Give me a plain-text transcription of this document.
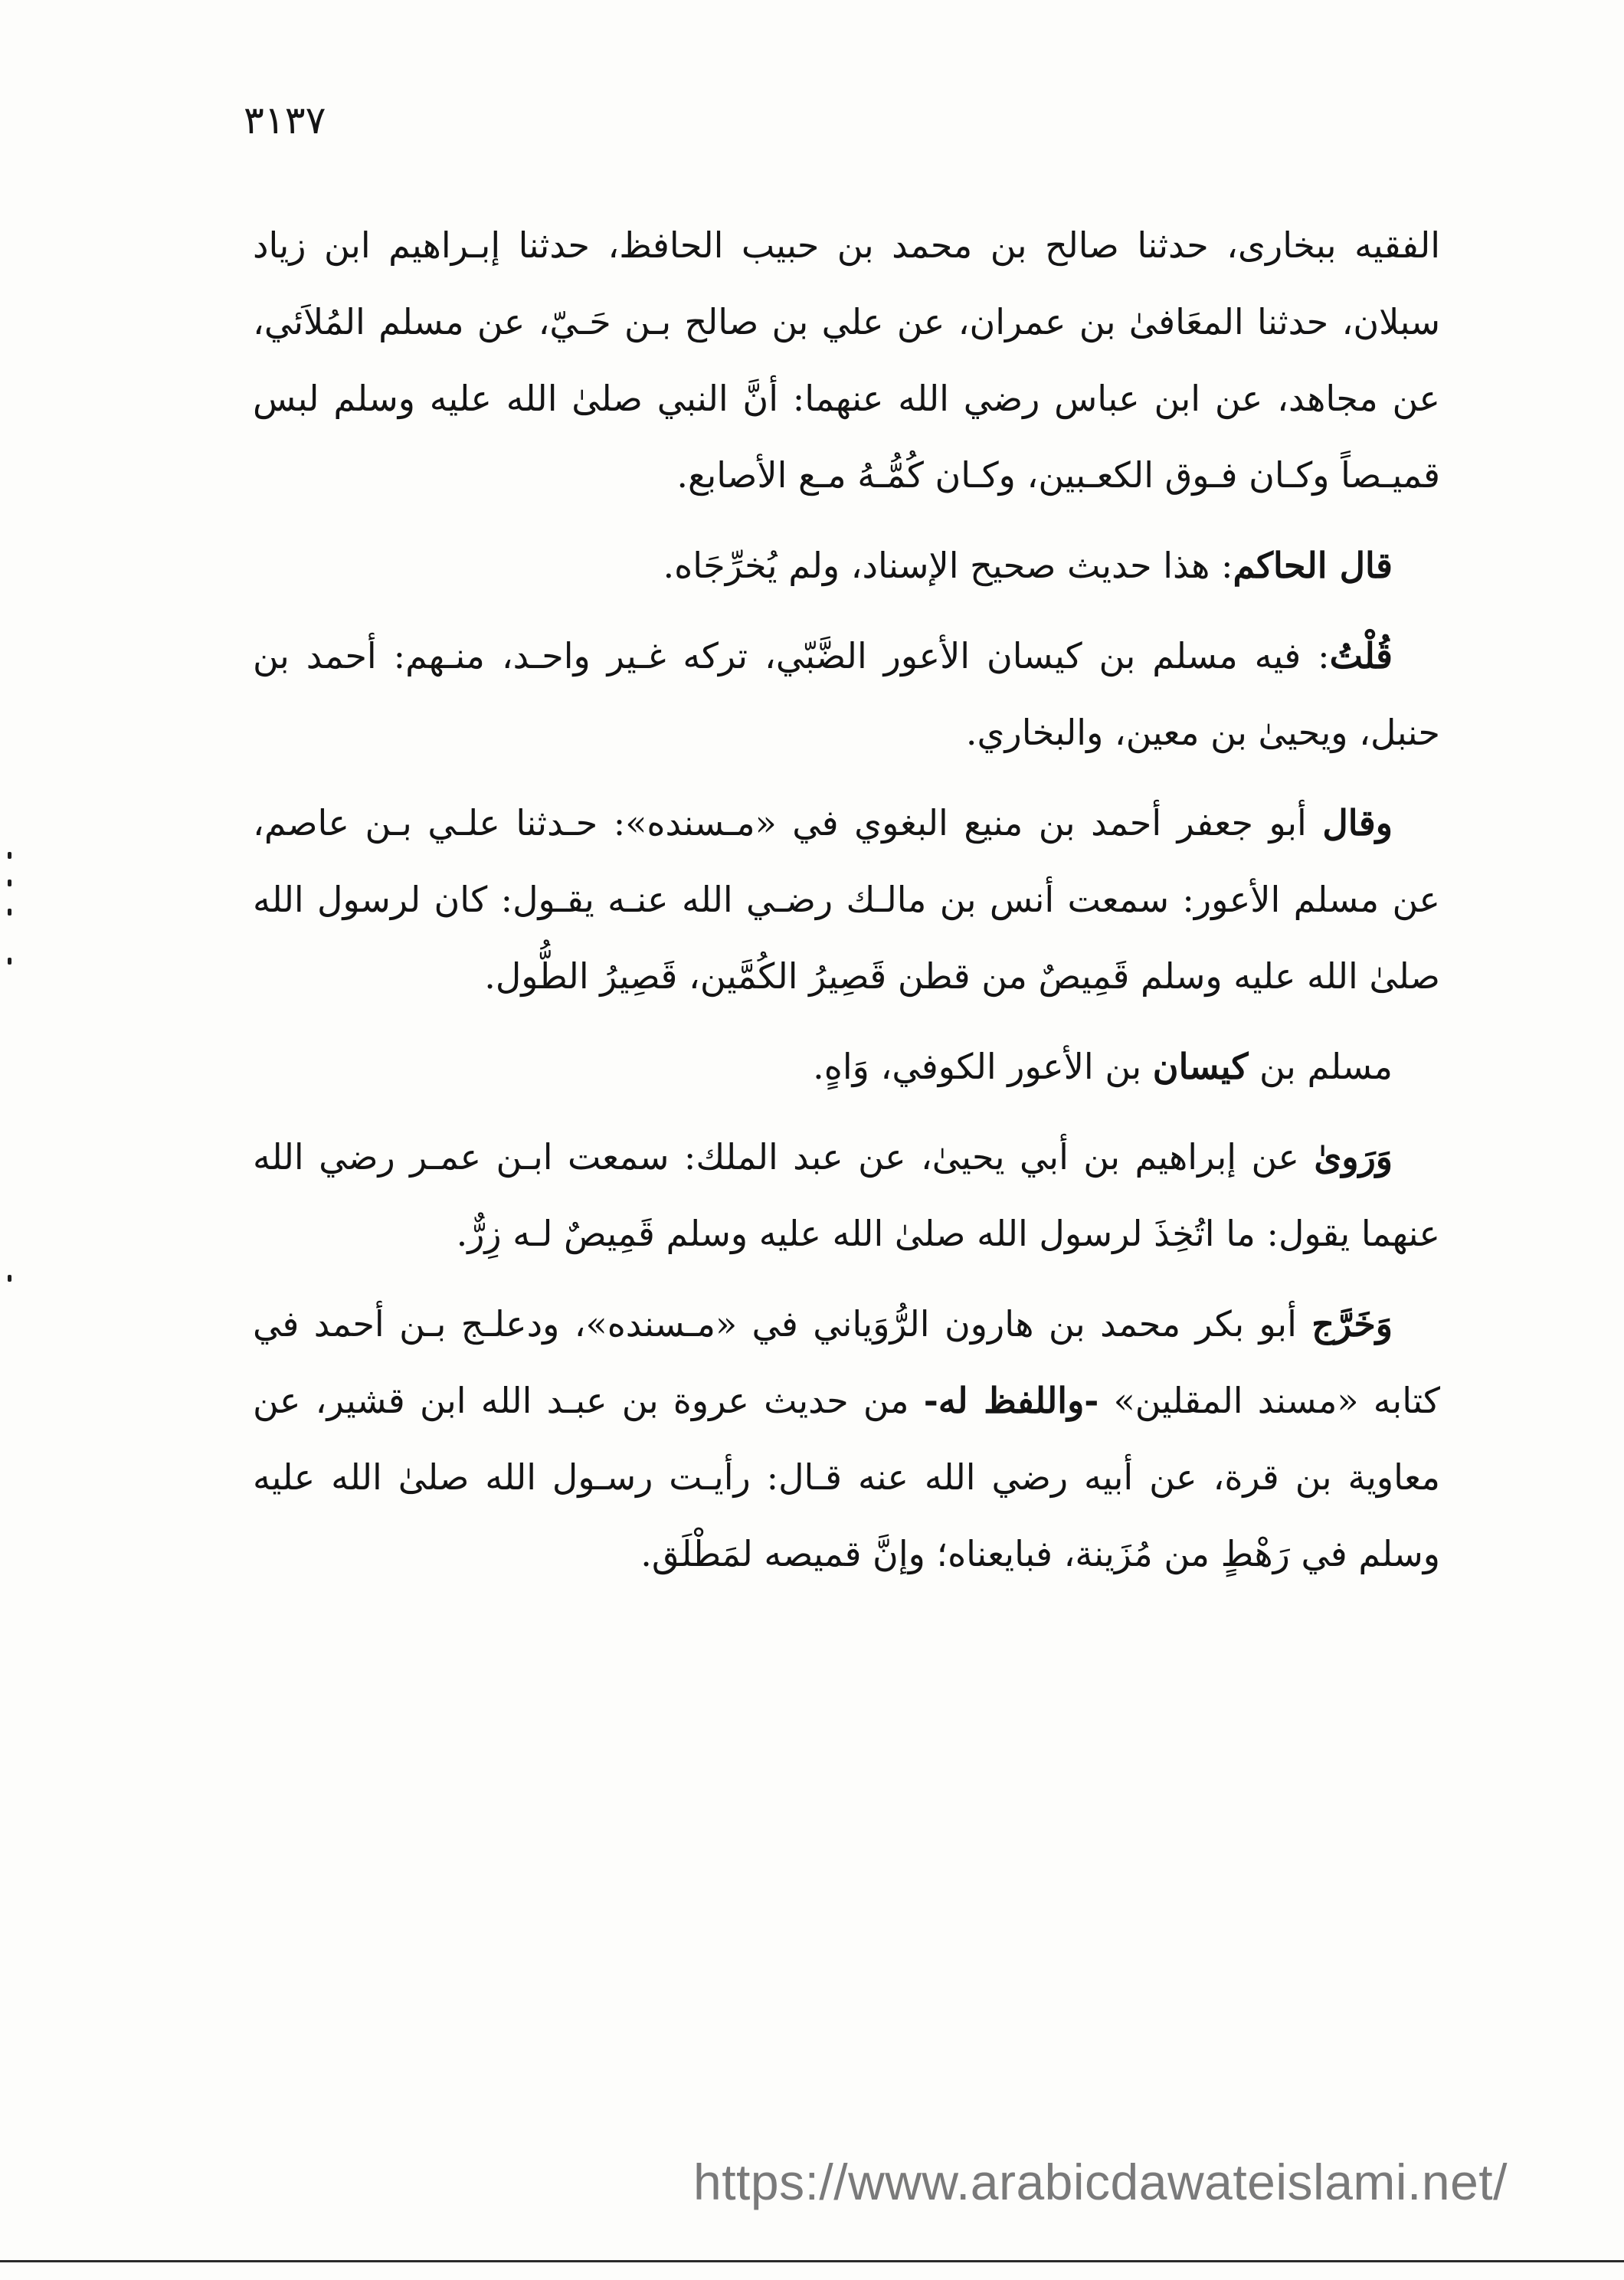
٣١٣٧

الفقيه ببخارى، حدثنا صالح بن محمد بن حبيب الحافظ، حدثنا إبـراهيم ابن زياد سبلان، حدثنا المعَافىٰ بن عمران، عن علي بن صالح بـن حَـيّ، عن مسلم المُلاَئي، عن مجاهد، عن ابن عباس رضي الله عنهما: أنَّ النبي صلىٰ الله عليه وسلم لبس قميـصاً وكـان فـوق الكعـبين، وكـان كُمُّـهُ مـع الأصابع.

قال الحاكم: هذا حديث صحيح الإسناد، ولم يُخرِّجَاه.

قُلْتُ: فيه مسلم بن كيسان الأعور الضَّبّي، تركه غـير واحـد، منـهم: أحمد بن حنبل، ويحيىٰ بن معين، والبخاري.

وقال أبو جعفر أحمد بن منيع البغوي في «مـسنده»: حـدثنا علـي بـن عاصم، عن مسلم الأعور: سمعت أنس بن مالـك رضـي الله عنـه يقـول: كان لرسول الله صلىٰ الله عليه وسلم قَمِيصٌ من قطن قَصِيرُ الكُمَّين، قَصِيرُ الطُّول.

مسلم بن كيسان بن الأعور الكوفي، وَاهٍ.

وَرَوىٰ عن إبراهيم بن أبي يحيىٰ، عن عبد الملك: سمعت ابـن عمـر رضي الله عنهما يقول: ما اتُخِذَ لرسول الله صلىٰ الله عليه وسلم قَمِيصٌ لـه زِرٌّ.

وَخَرَّج أبو بكر محمد بن هارون الرُّوَياني في «مـسنده»، ودعلـج بـن أحمد في كتابه «مسند المقلين» -واللفظ له- من حديث عروة بن عبـد الله ابن قشير، عن معاوية بن قرة، عن أبيه رضي الله عنه قـال: رأيـت رسـول الله صلىٰ الله عليه وسلم في رَهْطٍ من مُزَينة، فبايعناه؛ وإنَّ قميصه لمَطْلَق.

https://www.arabicdawateislami.net/
